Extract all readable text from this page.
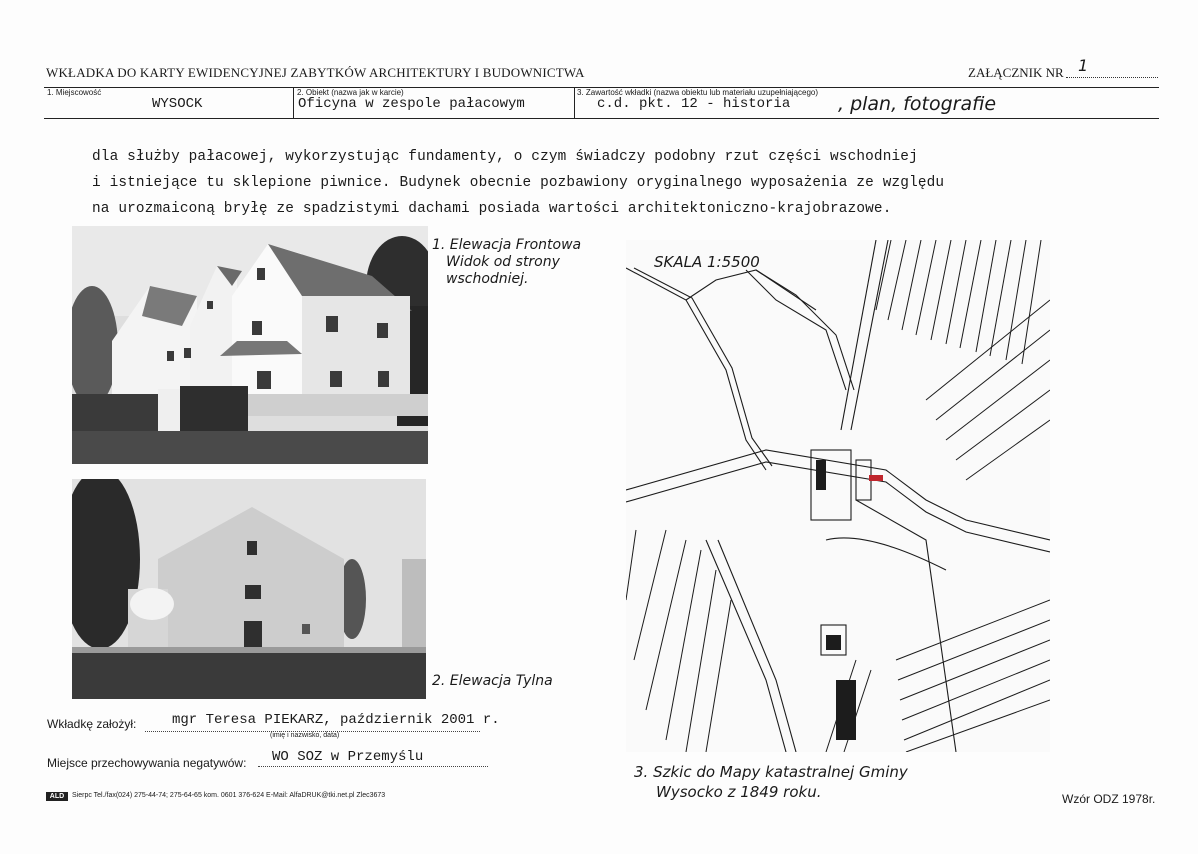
WKŁADKA DO KARTY EWIDENCYJNEJ ZABYTKÓW ARCHITEKTURY I BUDOWNICTWA	ZAŁĄCZNIK NR 1
1. Miejscowość
WYSOCK
2. Obiekt (nazwa jak w karcie)
Oficyna w zespole pałacowym
3. Zawartość wkładki (nazwa obiektu lub materiału uzupełniającego)
c.d. pkt. 12 - historia	, plan, fotografie
dla służby pałacowej, wykorzystując fundamenty, o czym świadczy podobny rzut części wschodniej
i istniejące tu sklepione piwnice. Budynek obecnie pozbawiony oryginalnego wyposażenia ze względu
na urozmaiconą bryłę ze spadzistymi dachami posiada wartości architektoniczno-krajobrazowe.
1. Elewacja Frontowa
Widok od strony
wschodniej.
2. Elewacja Tylna
SKALA 1:5500
3. Szkic do Mapy katastralnej Gminy
Wysocko z 1849 roku.
Wkładkę założył:	mgr Teresa PIEKARZ, październik 2001 r.
(imię i nazwisko, data)
Miejsce przechowywania negatywów: WO SOZ w Przemyślu
ALD	Sierpc Tel./fax(024) 275-44-74; 275-64-65 kom. 0601 376-624 E-Mail: AlfaDRUK@tki.net.pl Zlec3673	Wzór ODZ 1978r.
